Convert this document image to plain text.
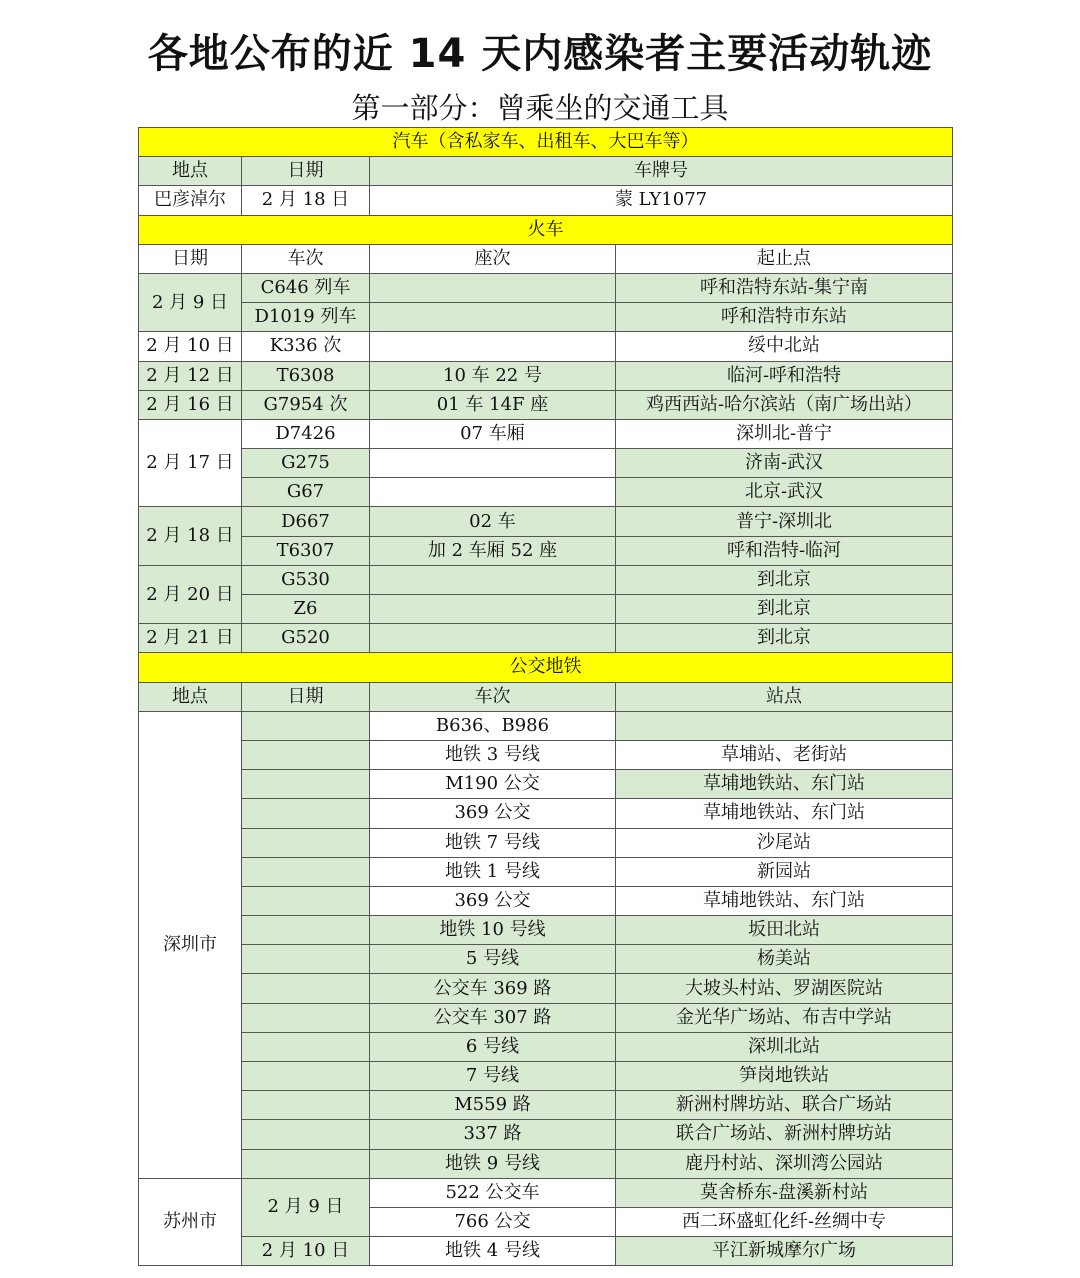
各地公布的近 14 天内感染者主要活动轨迹
第一部分：曾乘坐的交通工具
汽车（含私家车、出租车、大巴车等）			
地点	日期	车牌号	
巴彦淖尔	2 月 18 日	蒙 LY1077	
火车			
日期	车次	座次	起止点
2 月 9 日	C646 列车		呼和浩特东站-集宁南
	D1019 列车		呼和浩特市东站
2 月 10 日	K336 次		绥中北站
2 月 12 日	T6308	10 车 22 号	临河-呼和浩特
2 月 16 日	G7954 次	01 车 14F 座	鸡西西站-哈尔滨站（南广场出站）
2 月 17 日	D7426	07 车厢	深圳北-普宁
	G275		济南-武汉
	G67		北京-武汉
2 月 18 日	D667	02 车	普宁-深圳北
	T6307	加 2 车厢 52 座	呼和浩特-临河
2 月 20 日	G530		到北京
	Z6		到北京
2 月 21 日	G520		到北京
公交地铁			
地点	日期	车次	站点
深圳市		B636、B986	
		地铁 3 号线	草埔站、老街站
		M190 公交	草埔地铁站、东门站
		369 公交	草埔地铁站、东门站
		地铁 7 号线	沙尾站
		地铁 1 号线	新园站
		369 公交	草埔地铁站、东门站
		地铁 10 号线	坂田北站
		5 号线	杨美站
		公交车 369 路	大坡头村站、罗湖医院站
		公交车 307 路	金光华广场站、布吉中学站
		6 号线	深圳北站
		7 号线	笋岗地铁站
		M559 路	新洲村牌坊站、联合广场站
		337 路	联合广场站、新洲村牌坊站
		地铁 9 号线	鹿丹村站、深圳湾公园站
苏州市	2 月 9 日	522 公交车	莫舍桥东-盘溪新村站
		766 公交	西二环盛虹化纤-丝绸中专
	2 月 10 日	地铁 4 号线	平江新城摩尔广场
